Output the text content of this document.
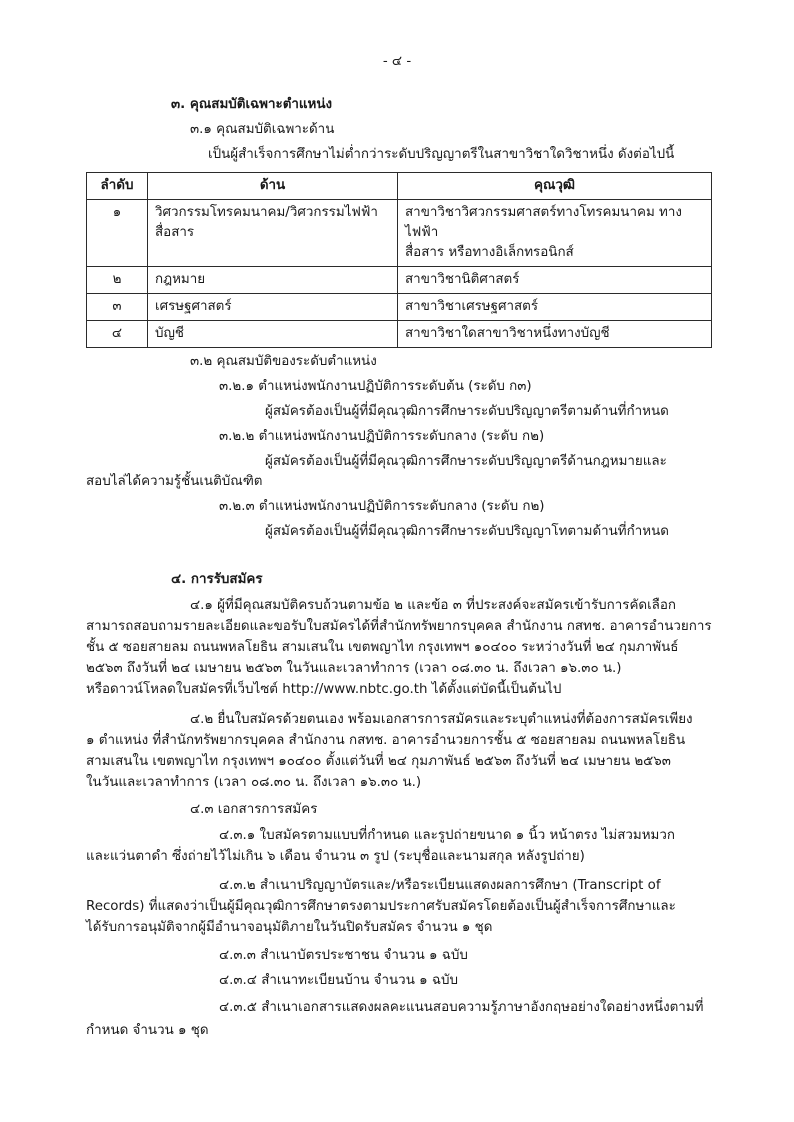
- ๔ -
๓. คุณสมบัติเฉพาะตำแหน่ง
๓.๑ คุณสมบัติเฉพาะด้าน
เป็นผู้สำเร็จการศึกษาไม่ต่ำกว่าระดับปริญญาตรีในสาขาวิชาใดวิชาหนึ่ง ดังต่อไปนี้
ลำดับ	ด้าน	คุณวุฒิ
๑	วิศวกรรมโทรคมนาคม/วิศวกรรมไฟฟ้าสื่อสาร	สาขาวิชาวิศวกรรมศาสตร์ทางโทรคมนาคม ทางไฟฟ้า
สื่อสาร หรือทางอิเล็กทรอนิกส์

๒	กฎหมาย	สาขาวิชานิติศาสตร์
๓	เศรษฐศาสตร์	สาขาวิชาเศรษฐศาสตร์
๔	บัญชี	สาขาวิชาใดสาขาวิชาหนึ่งทางบัญชี
๓.๒ คุณสมบัติของระดับตำแหน่ง
๓.๒.๑ ตำแหน่งพนักงานปฏิบัติการระดับต้น (ระดับ ก๓)
ผู้สมัครต้องเป็นผู้ที่มีคุณวุฒิการศึกษาระดับปริญญาตรีตามด้านที่กำหนด
๓.๒.๒ ตำแหน่งพนักงานปฏิบัติการระดับกลาง (ระดับ ก๒)
ผู้สมัครต้องเป็นผู้ที่มีคุณวุฒิการศึกษาระดับปริญญาตรีด้านกฎหมายและ
สอบไล่ได้ความรู้ชั้นเนติบัณฑิต
๓.๒.๓ ตำแหน่งพนักงานปฏิบัติการระดับกลาง (ระดับ ก๒)
ผู้สมัครต้องเป็นผู้ที่มีคุณวุฒิการศึกษาระดับปริญญาโทตามด้านที่กำหนด
๔. การรับสมัคร
๔.๑ ผู้ที่มีคุณสมบัติครบถ้วนตามข้อ ๒ และข้อ ๓ ที่ประสงค์จะสมัครเข้ารับการคัดเลือก
สามารถสอบถามรายละเอียดและขอรับใบสมัครได้ที่สำนักทรัพยากรบุคคล สำนักงาน กสทช. อาคารอำนวยการ
ชั้น ๕ ซอยสายลม ถนนพหลโยธิน สามเสนใน เขตพญาไท กรุงเทพฯ ๑๐๔๐๐ ระหว่างวันที่ ๒๔ กุมภาพันธ์
๒๕๖๓ ถึงวันที่ ๒๔ เมษายน ๒๕๖๓ ในวันและเวลาทำการ (เวลา ๐๘.๓๐ น. ถึงเวลา ๑๖.๓๐ น.)
หรือดาวน์โหลดใบสมัครที่เว็บไซต์ http://www.nbtc.go.th ได้ตั้งแต่บัดนี้เป็นต้นไป
๔.๒ ยื่นใบสมัครด้วยตนเอง พร้อมเอกสารการสมัครและระบุตำแหน่งที่ต้องการสมัครเพียง
๑ ตำแหน่ง ที่สำนักทรัพยากรบุคคล สำนักงาน กสทช. อาคารอำนวยการชั้น ๕ ซอยสายลม ถนนพหลโยธิน
สามเสนใน เขตพญาไท กรุงเทพฯ ๑๐๔๐๐ ตั้งแต่วันที่ ๒๔ กุมภาพันธ์ ๒๕๖๓ ถึงวันที่ ๒๔ เมษายน ๒๕๖๓
ในวันและเวลาทำการ (เวลา ๐๘.๓๐ น. ถึงเวลา ๑๖.๓๐ น.)
๔.๓ เอกสารการสมัคร
๔.๓.๑ ใบสมัครตามแบบที่กำหนด และรูปถ่ายขนาด ๑ นิ้ว หน้าตรง ไม่สวมหมวก
และแว่นตาดำ ซึ่งถ่ายไว้ไม่เกิน ๖ เดือน จำนวน ๓ รูป (ระบุชื่อและนามสกุล หลังรูปถ่าย)
๔.๓.๒ สำเนาปริญญาบัตรและ/หรือระเบียนแสดงผลการศึกษา (Transcript of
Records) ที่แสดงว่าเป็นผู้มีคุณวุฒิการศึกษาตรงตามประกาศรับสมัครโดยต้องเป็นผู้สำเร็จการศึกษาและ
ได้รับการอนุมัติจากผู้มีอำนาจอนุมัติภายในวันปิดรับสมัคร จำนวน ๑ ชุด
๔.๓.๓ สำเนาบัตรประชาชน จำนวน ๑ ฉบับ
๔.๓.๔ สำเนาทะเบียนบ้าน จำนวน ๑ ฉบับ
๔.๓.๕ สำเนาเอกสารแสดงผลคะแนนสอบความรู้ภาษาอังกฤษอย่างใดอย่างหนึ่งตามที่
กำหนด จำนวน ๑ ชุด
